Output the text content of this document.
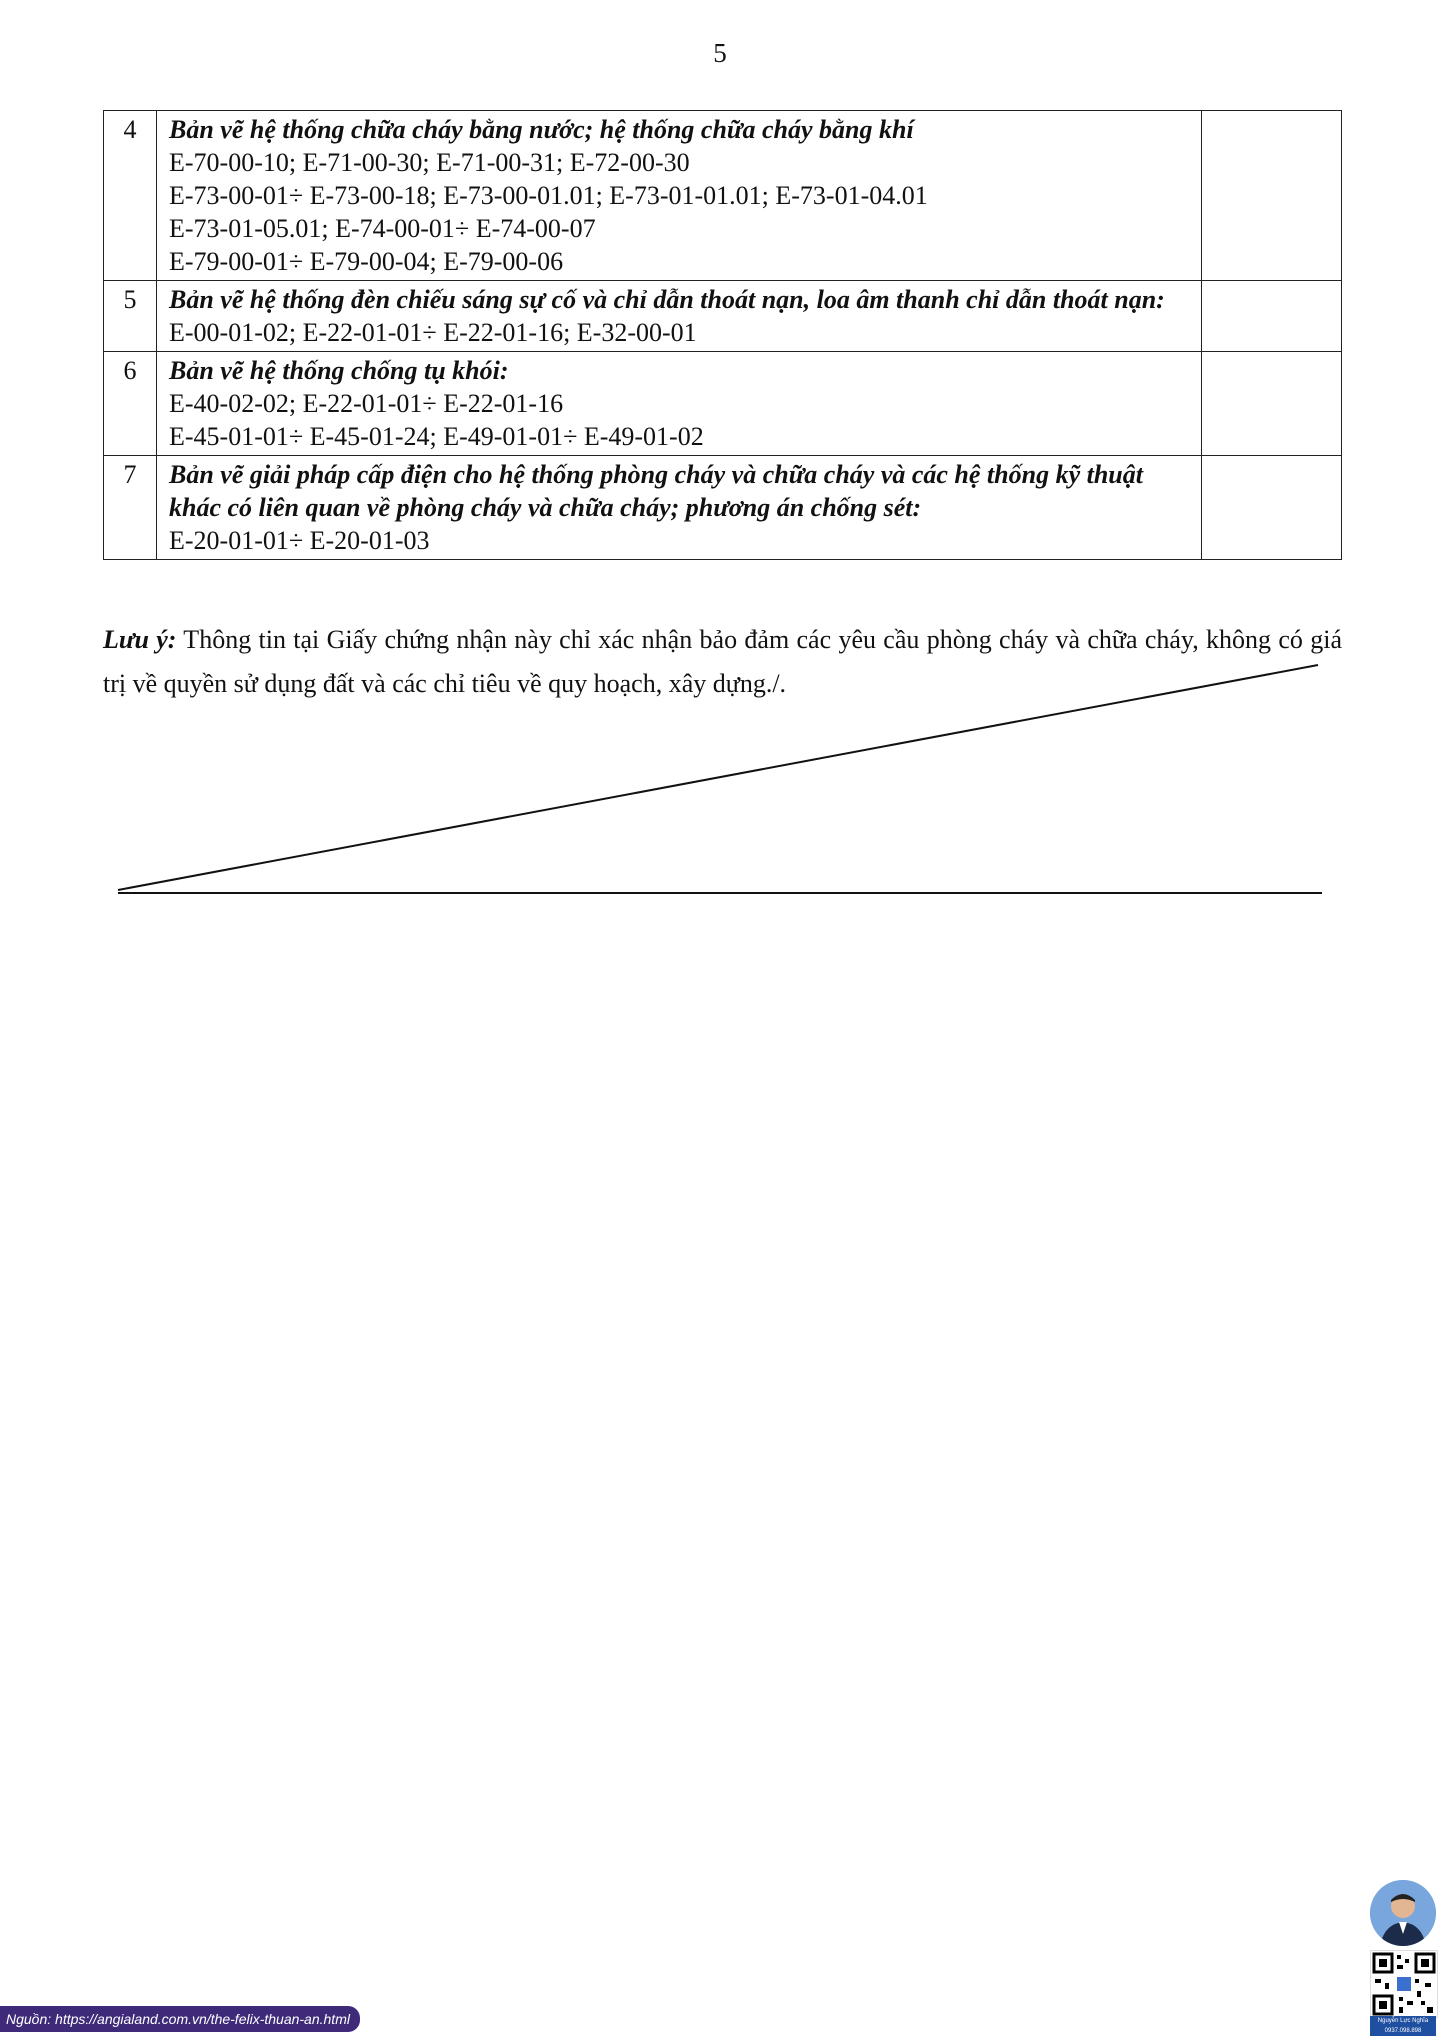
5
4	Bản vẽ hệ thống chữa cháy bằng nước; hệ thống chữa cháy bằng khí
E-70-00-10; E-71-00-30; E-71-00-31; E-72-00-30
E-73-00-01÷ E-73-00-18; E-73-00-01.01; E-73-01-01.01; E-73-01-04.01
E-73-01-05.01; E-74-00-01÷ E-74-00-07
E-79-00-01÷ E-79-00-04; E-79-00-06	

5	Bản vẽ hệ thống đèn chiếu sáng sự cố và chỉ dẫn thoát nạn, loa âm thanh chỉ dẫn thoát nạn:
E-00-01-02; E-22-01-01÷ E-22-01-16; E-32-00-01	

6	Bản vẽ hệ thống chống tụ khói:
E-40-02-02; E-22-01-01÷ E-22-01-16
E-45-01-01÷ E-45-01-24; E-49-01-01÷ E-49-01-02	

7	Bản vẽ giải pháp cấp điện cho hệ thống phòng cháy và chữa cháy và các hệ thống kỹ thuật khác có liên quan về phòng cháy và chữa cháy; phương án chống sét:
E-20-01-01÷ E-20-01-03	

Lưu ý: Thông tin tại Giấy chứng nhận này chỉ xác nhận bảo đảm các yêu cầu phòng cháy và chữa cháy, không có giá trị về quyền sử dụng đất và các chỉ tiêu về quy hoạch, xây dựng./.
Nguồn: https://angialand.com.vn/the-felix-thuan-an.html	Nguyễn Lực Nghĩa 0937.098.898
